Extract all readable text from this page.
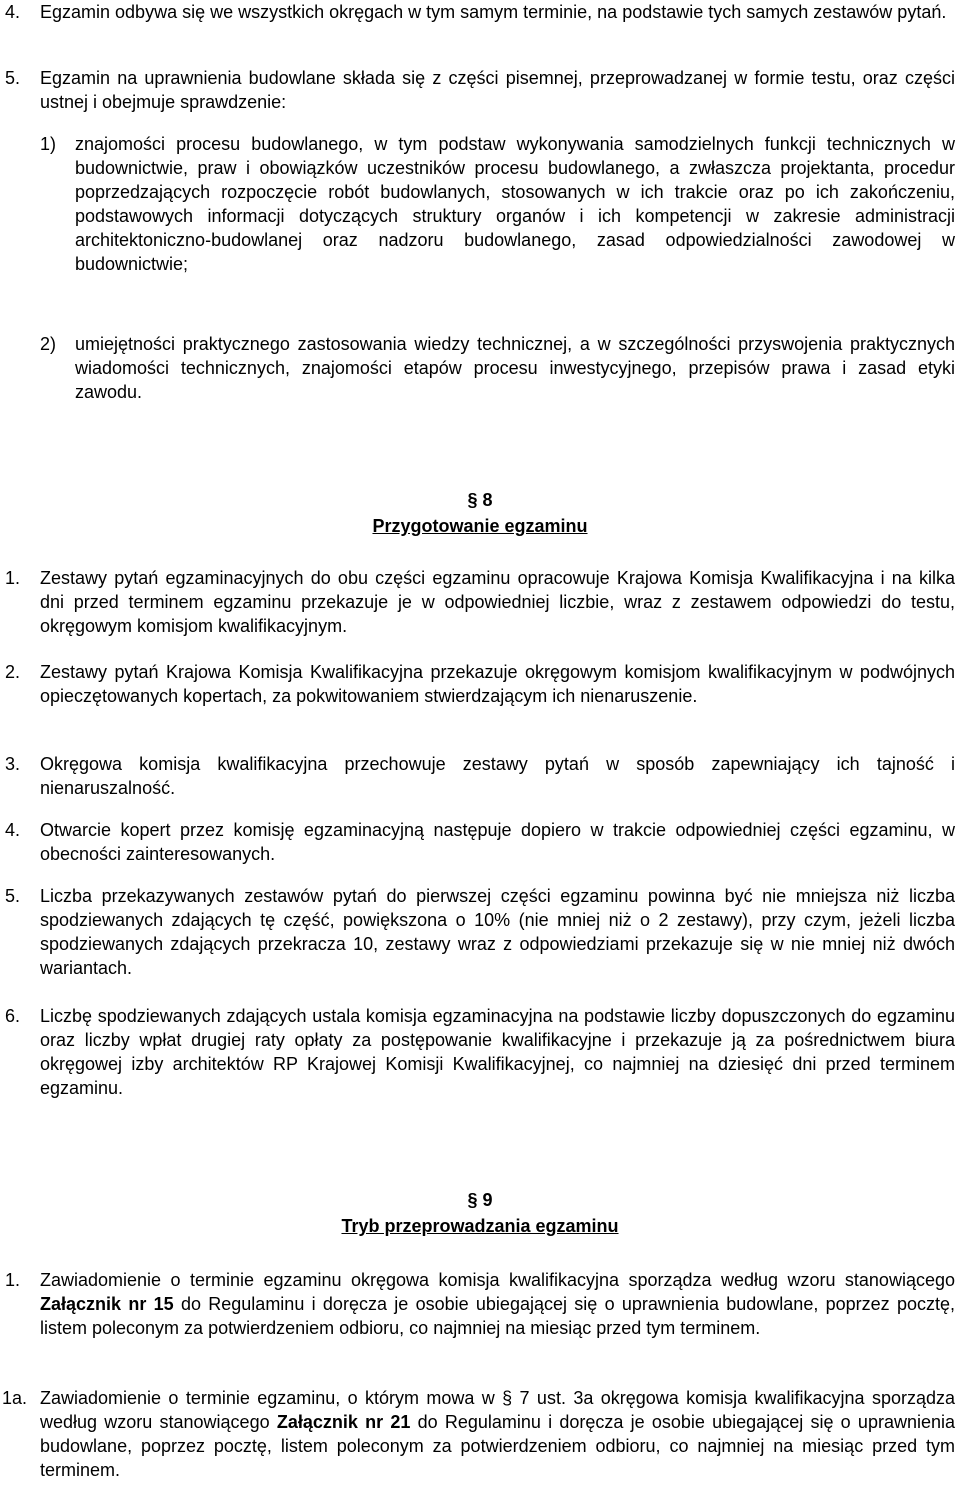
4. Egzamin odbywa się we wszystkich okręgach w tym samym terminie, na podstawie tych samych zestawów pytań.
5. Egzamin na uprawnienia budowlane składa się z części pisemnej, przeprowadzanej w formie testu, oraz części ustnej i obejmuje sprawdzenie:
1) znajomości procesu budowlanego, w tym podstaw wykonywania samodzielnych funkcji technicznych w budownictwie, praw i obowiązków uczestników procesu budowlanego, a zwłaszcza projektanta, procedur poprzedzających rozpoczęcie robót budowlanych, stosowanych w ich trakcie oraz po ich zakończeniu, podstawowych informacji dotyczących struktury organów i ich kompetencji w zakresie administracji architektoniczno-budowlanej oraz nadzoru budowlanego, zasad odpowiedzialności zawodowej w budownictwie;
2) umiejętności praktycznego zastosowania wiedzy technicznej, a w szczególności przyswojenia praktycznych wiadomości technicznych, znajomości etapów procesu inwestycyjnego, przepisów prawa i zasad etyki zawodu.
§ 8
Przygotowanie egzaminu
1. Zestawy pytań egzaminacyjnych do obu części egzaminu opracowuje Krajowa Komisja Kwalifikacyjna i na kilka dni przed terminem egzaminu przekazuje je w odpowiedniej liczbie, wraz z zestawem odpowiedzi do testu, okręgowym komisjom kwalifikacyjnym.
2. Zestawy pytań Krajowa Komisja Kwalifikacyjna przekazuje okręgowym komisjom kwalifikacyjnym w podwójnych opieczętowanych kopertach, za pokwitowaniem stwierdzającym ich nienaruszenie.
3. Okręgowa komisja kwalifikacyjna przechowuje zestawy pytań w sposób zapewniający ich tajność i nienaruszalność.
4. Otwarcie kopert przez komisję egzaminacyjną następuje dopiero w trakcie odpowiedniej części egzaminu, w obecności zainteresowanych.
5. Liczba przekazywanych zestawów pytań do pierwszej części egzaminu powinna być nie mniejsza niż liczba spodziewanych zdających tę część, powiększona o 10% (nie mniej niż o 2 zestawy), przy czym, jeżeli liczba spodziewanych zdających przekracza 10, zestawy wraz z odpowiedziami przekazuje się w nie mniej niż dwóch wariantach.
6. Liczbę spodziewanych zdających ustala komisja egzaminacyjna na podstawie liczby dopuszczonych do egzaminu oraz liczby wpłat drugiej raty opłaty za postępowanie kwalifikacyjne i przekazuje ją za pośrednictwem biura okręgowej izby architektów RP Krajowej Komisji Kwalifikacyjnej, co najmniej na dziesięć dni przed terminem egzaminu.
§ 9
Tryb przeprowadzania egzaminu
1. Zawiadomienie o terminie egzaminu okręgowa komisja kwalifikacyjna sporządza według wzoru stanowiącego Załącznik nr 15 do Regulaminu i doręcza je osobie ubiegającej się o uprawnienia budowlane, poprzez pocztę, listem poleconym za potwierdzeniem odbioru, co najmniej na miesiąc przed tym terminem.
1a. Zawiadomienie o terminie egzaminu, o którym mowa w § 7 ust. 3a okręgowa komisja kwalifikacyjna sporządza według wzoru stanowiącego Załącznik nr 21 do Regulaminu i doręcza je osobie ubiegającej się o uprawnienia budowlane, poprzez pocztę, listem poleconym za potwierdzeniem odbioru, co najmniej na miesiąc przed tym terminem.
